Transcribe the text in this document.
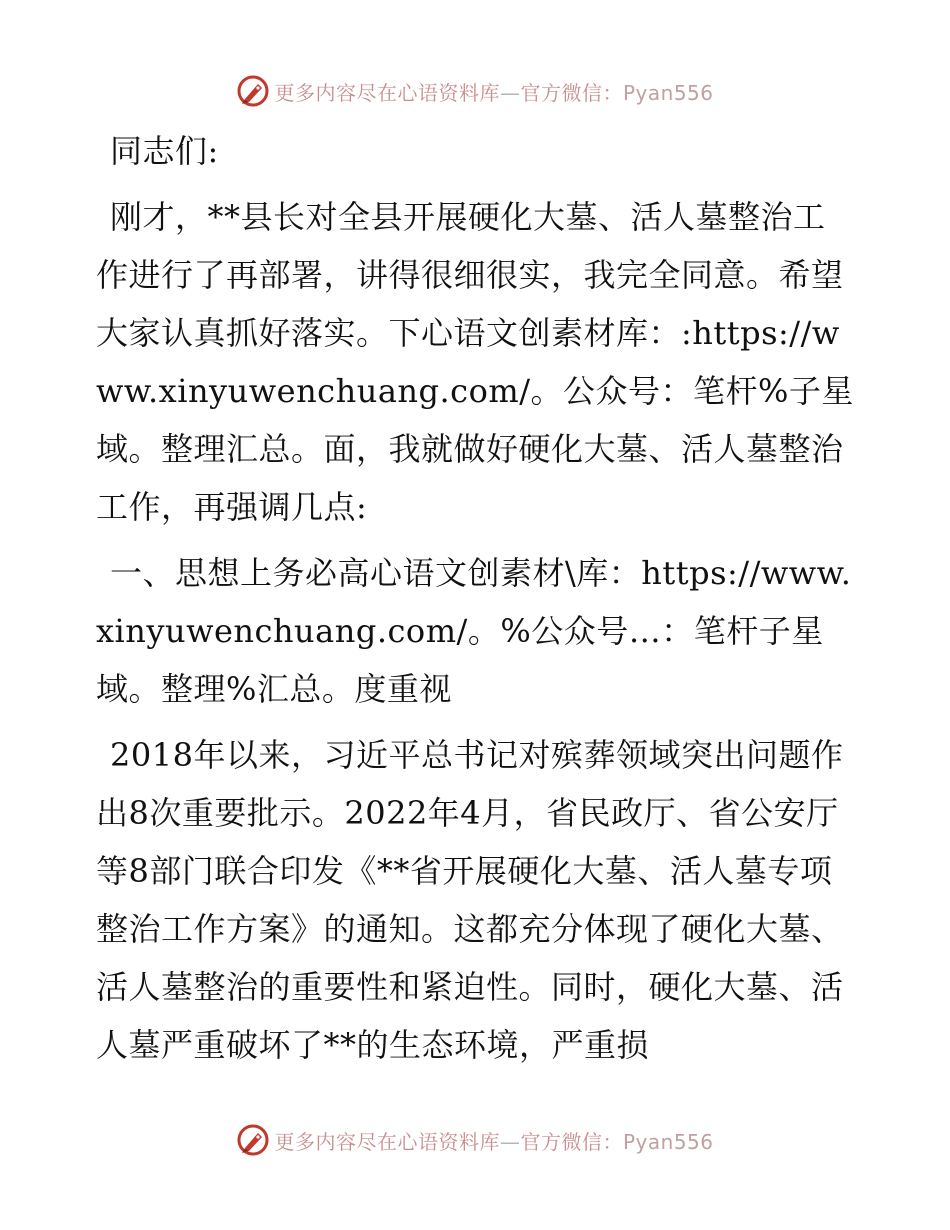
更多内容尽在心语资料库—官方微信：Pyan556

同志们:

刚才，**县长对全县开展硬化大墓、活人墓整治工作进行了再部署，讲得很细很实，我完全同意。希望大家认真抓好落实。下心语文创素材库：:https://www.xinyuwenchuang.com/。公众号：笔杆%子星域。整理汇总。面，我就做好硬化大墓、活人墓整治工作，再强调几点:

一、思想上务必高心语文创素材\库：https://www.xinyuwenchuang.com/。%公众号…：笔杆子星域。整理%汇总。度重视

2018年以来，习近平总书记对殡葬领域突出问题作出8次重要批示。2022年4月，省民政厅、省公安厅等8部门联合印发《**省开展硬化大墓、活人墓专项整治工作方案》的通知。这都充分体现了硬化大墓、活人墓整治的重要性和紧迫性。同时，硬化大墓、活人墓严重破坏了**的生态环境，严重损

更多内容尽在心语资料库—官方微信：Pyan556
